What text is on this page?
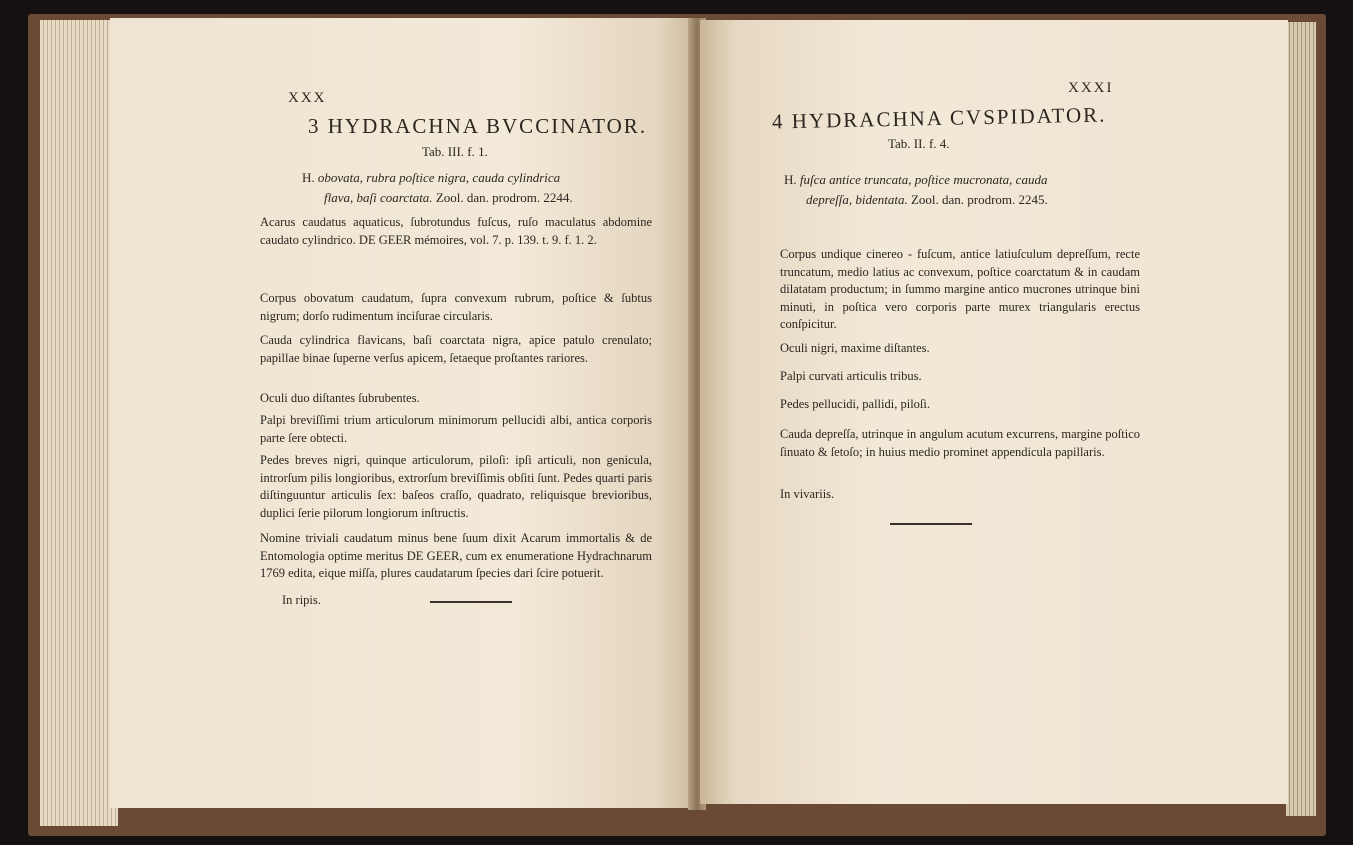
XXX
3 HYDRACHNA BVCCINATOR.
Tab. III. f. 1.
H. obovata, rubra poſtice nigra, cauda cylindrica
flava, baſi coarctata. Zool. dan. prodrom. 2244.
Acarus caudatus aquaticus, ſubrotundus fuſcus, ruſo maculatus abdomine caudato cylindrico. DE GEER mémoires, vol. 7. p. 139. t. 9. f. 1. 2.
Corpus obovatum caudatum, ſupra convexum rubrum, poſtice & ſubtus nigrum; dorſo rudimentum inciſurae circularis.
Cauda cylindrica flavicans, baſi coarctata nigra, apice patulo crenulato; papillae binae ſuperne verſus apicem, ſetaeque proſtantes rariores.
Oculi duo diſtantes ſubrubentes.
Palpi breviſſimi trium articulorum minimorum pellucidi albi, antica corporis parte ſere obtecti.
Pedes breves nigri, quinque articulorum, piloſi: ipſi articuli, non genicula, introrſum pilis longioribus, extrorſum breviſſimis obſiti ſunt. Pedes quarti paris diſtinguuntur articulis ſex: baſeos craſſo, quadrato, reliquisque brevioribus, duplici ſerie pilorum longiorum inſtructis.
Nomine triviali caudatum minus bene ſuum dixit Acarum immortalis & de Entomologia optime meritus DE GEER, cum ex enumeratione Hydrachnarum 1769 edita, eique miſſa, plures caudatarum ſpecies dari ſcire potuerit.
In ripis.
XXXI
4 HYDRACHNA CVSPIDATOR.
Tab. II. f. 4.
H. fuſca antice truncata, poſtice mucronata, cauda
depreſſa, bidentata. Zool. dan. prodrom. 2245.
Corpus undique cinereo - fuſcum, antice latiuſculum depreſſum, recte truncatum, medio latius ac convexum, poſtice coarctatum & in caudam dilatatam productum; in ſummo margine antico mucrones utrinque bini minuti, in poſtica vero corporis parte murex triangularis erectus conſpicitur.
Oculi nigri, maxime diſtantes.
Palpi curvati articulis tribus.
Pedes pellucidi, pallidi, piloſi.
Cauda depreſſa, utrinque in angulum acutum excurrens, margine poſtico ſinuato & ſetoſo; in huius medio prominet appendicula papillaris.
In vivariis.
